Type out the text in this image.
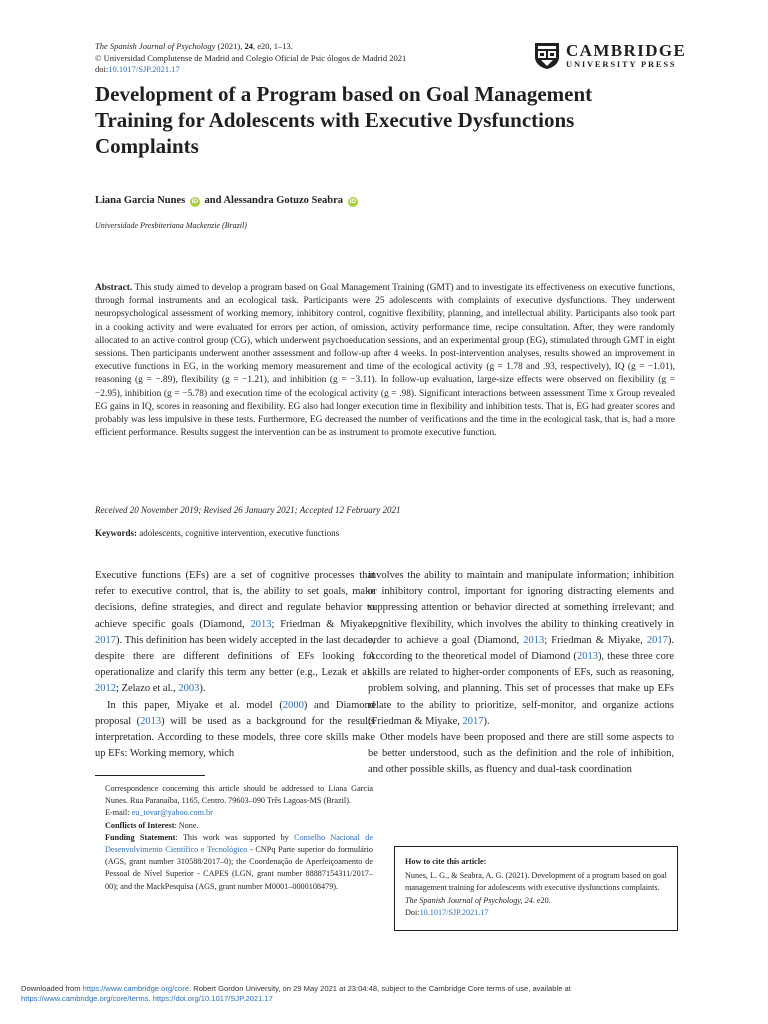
The Spanish Journal of Psychology (2021), 24, e20, 1–13.
© Universidad Complutense de Madrid and Colegio Oficial de Psic ólogos de Madrid 2021
doi:10.1017/SJP.2021.17
CAMBRIDGE
UNIVERSITY PRESS
Development of a Program based on Goal Management Training for Adolescents with Executive Dysfunctions Complaints
Liana Garcia Nunes iD and Alessandra Gotuzo Seabra iD
Universidade Presbiteriana Mackenzie (Brazil)

Abstract. This study aimed to develop a program based on Goal Management Training (GMT) and to investigate its effectiveness on executive functions, through formal instruments and an ecological task. Participants were 25 adolescents with complaints of executive dysfunctions. They underwent neuropsychological assessment of working memory, inhibitory control, cognitive flexibility, planning, and intellectual ability. Participants also took part in a cooking activity and were evaluated for errors per action, of omission, activity performance time, recipe consultation. After, they were randomly allocated to an active control group (CG), which underwent psychoeducation sessions, and an experimental group (EG), stimulated through GMT in eight sessions. Then participants underwent another assessment and follow-up after 4 weeks. In post-intervention analyses, results showed an improvement in executive functions in EG, in the working memory measurement and time of the ecological activity (g = 1.78 and .93, respectively), IQ (g = −1.01), reasoning (g = −.89), flexibility (g = −1.21), and inhibition (g = −3.11). In follow-up evaluation, large-size effects were observed on flexibility (g = −2.95), inhibition (g = −5.78) and execution time of the ecological activity (g = .98). Significant interactions between assessment Time x Group revealed EG gains in IQ, scores in reasoning and flexibility. EG also had longer execution time in flexibility and inhibition tests. That is, EG had greater scores and probably was less impulsive in these tests. Furthermore, EG decreased the number of verifications and the time in the ecological task, that is, had a more efficient performance. Results suggest the intervention can be as instrument to promote executive function.

Received 20 November 2019; Revised 26 January 2021; Accepted 12 February 2021
Keywords: adolescents, cognitive intervention, executive functions

Executive functions (EFs) are a set of cognitive processes that refer to executive control, that is, the ability to set goals, make decisions, define strategies, and direct and regulate behavior to achieve specific goals (Diamond, 2013; Friedman & Miyake, 2017). This definition has been widely accepted in the last decade, despite there are different definitions of EFs looking for operationalize and clarify this term any better (e.g., Lezak et al., 2012; Zelazo et al., 2003).

In this paper, Miyake et al. model (2000) and Diamond proposal (2013) will be used as a background for the results interpretation. According to these models, three core skills make up EFs: Working memory, which

Correspondence concerning this article should be addressed to Liana Garcia Nunes. Rua Paranaíba, 1165, Centro. 79603–090 Três Lagoas-MS (Brazil).

E-mail: eu_tovar@yahoo.com.br

Conflicts of Interest: None.

Funding Statement: This work was supported by Conselho Nacional de Desenvolvimento Científico e Tecnológico - CNPq Parte superior do formulário (AGS, grant number 310588/2017–0); the Coordenação de Aperfeiçoamento de Pessoal de Nível Superior - CAPES (LGN, grant number 88887154311/2017–00); and the MackPesquisa (AGS, grant number M0001–0000108479).

involves the ability to maintain and manipulate information; inhibition or inhibitory control, important for ignoring distracting elements and suppressing attention or behavior directed at something irrelevant; and cognitive flexibility, which involves the ability to thinking creatively in order to achieve a goal (Diamond, 2013; Friedman & Miyake, 2017). According to the theoretical model of Diamond (2013), these three core skills are related to higher-order components of EFs, such as reasoning, problem solving, and planning. This set of processes that make up EFs relate to the ability to prioritize, self-monitor, and organize actions (Friedman & Miyake, 2017).

Other models have been proposed and there are still some aspects to be better understood, such as the definition and the role of inhibition, and other possible skills, as fluency and dual-task coordination

How to cite this article:
Nunes, L. G., & Seabra, A. G. (2021). Development of a program based on goal management training for adolescents with executive dysfunctions complaints. The Spanish Journal of Psychology, 24. e20.
Doi:10.1017/SJP.2021.17
Downloaded from https://www.cambridge.org/core. Robert Gordon University, on 29 May 2021 at 23:04:48, subject to the Cambridge Core terms of use, available at
https://www.cambridge.org/core/terms. https://doi.org/10.1017/SJP.2021.17
